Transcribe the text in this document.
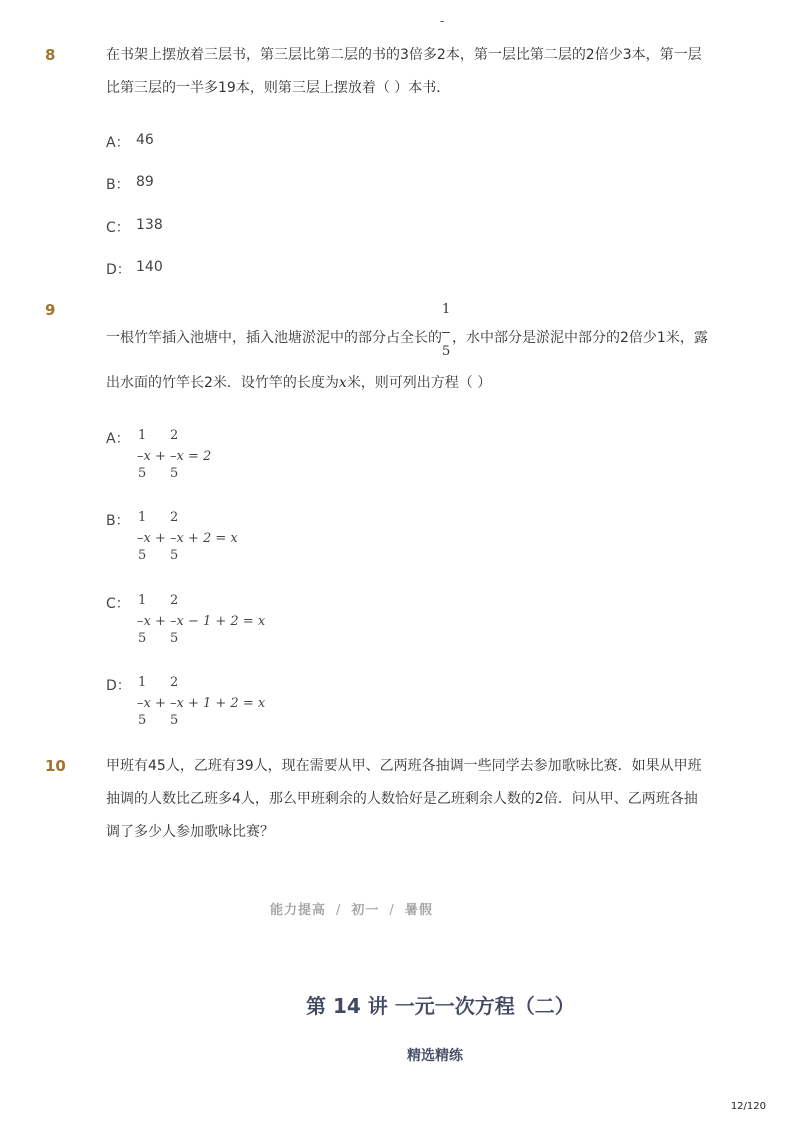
-
8	在书架上摆放着三层书，第三层比第二层的书的3倍多2本，第一层比第二层的2倍少3本，第一层
比第三层的一半多19本，则第三层上摆放着（ ）本书．
A： 46
B： 89
C： 138
D： 140
9
一根竹竿插入池塘中，插入池塘淤泥中的部分占全长的 $\frac{1}{5}$ ，水中部分是淤泥中部分的2倍少1米，露
出水面的竹竿长2米．设竹竿的长度为x米，则可列出方程（ ）
A： 1 2
–x + –x = 2
5 5
B： 1 2
–x + –x + 2 = x
5 5
C： 1 2
–x + –x − 1 + 2 = x
5 5
D： 1 2
–x + –x + 1 + 2 = x
5 5
10	甲班有45人，乙班有39人，现在需要从甲、乙两班各抽调一些同学去参加歌咏比赛．如果从甲班
抽调的人数比乙班多4人，那么甲班剩余的人数恰好是乙班剩余人数的2倍．问从甲、乙两班各抽
调了多少人参加歌咏比赛？
能力提高 / 初一 / 暑假
第 14 讲 一元一次方程（二）
精选精练
12/120
